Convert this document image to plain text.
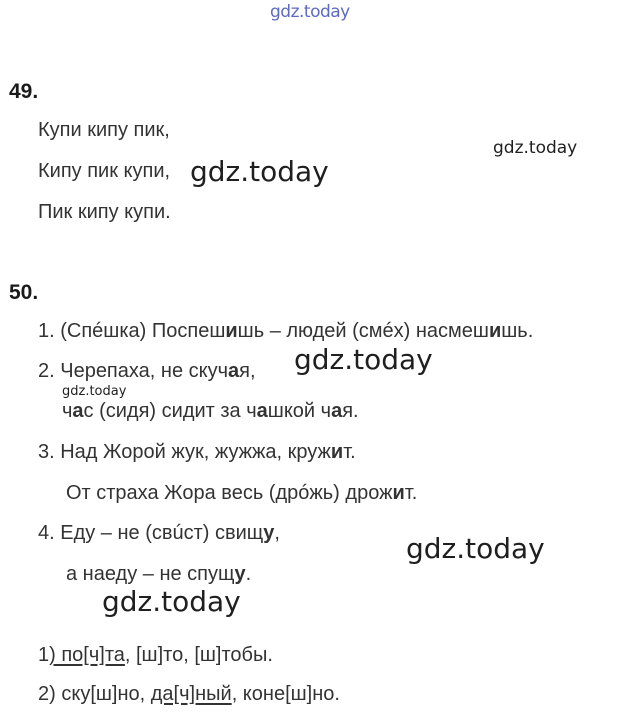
gdz.today
gdz.today
gdz.today
gdz.today
gdz.today
gdz.today
gdz.today
49.
Купи кипу пик,
Кипу пик купи,
Пик кипу купи.
50.
1. (Спéшка) Поспешишь – людей (смéх) насмешишь.
2. Черепаха, не скучая,
час (сидя) сидит за чашкой чая.
3. Над Жорой жук, жужжа, кружит.
От страха Жора весь (дрóжь) дрожит.
4. Еду – не (свúст) свищу,
а наеду – не спущу.
1) по[ч]та, [ш]то, [ш]тобы.
2) ску[ш]но, да[ч]ный, коне[ш]но.
